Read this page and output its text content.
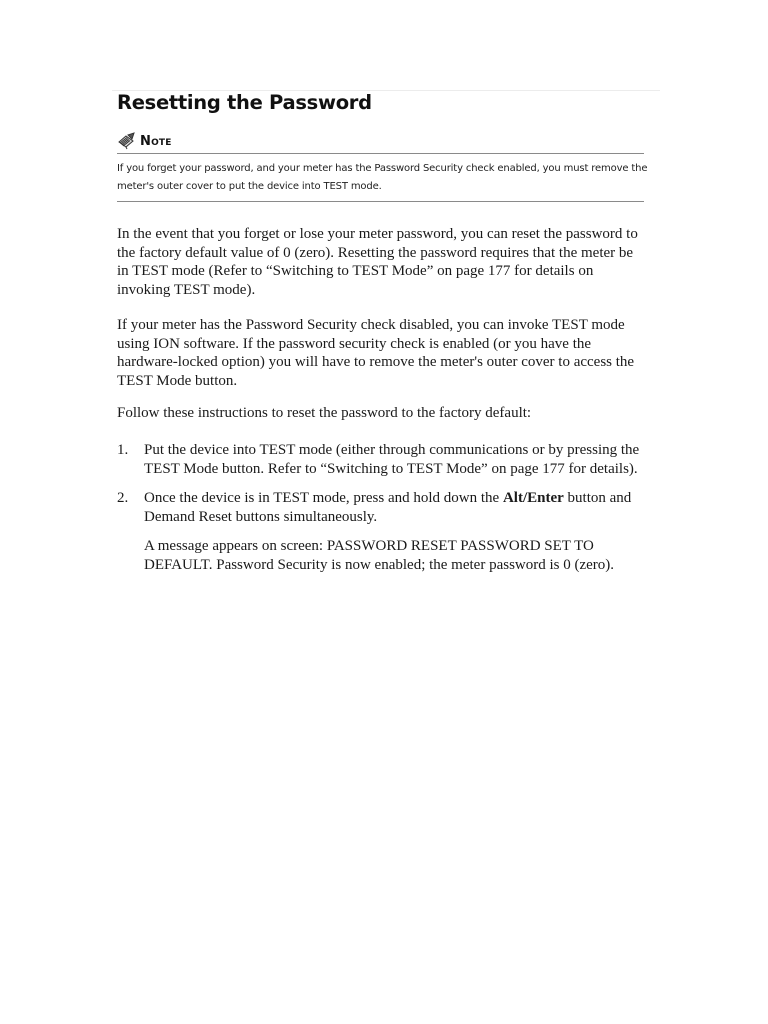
Resetting the Password
Note

If you forget your password, and your meter has the Password Security check enabled, you must remove the meter's outer cover to put the device into TEST mode.

In the event that you forget or lose your meter password, you can reset the password to the factory default value of 0 (zero). Resetting the password requires that the meter be in TEST mode (Refer to “Switching to TEST Mode” on page 177 for details on invoking TEST mode).

If your meter has the Password Security check disabled, you can invoke TEST mode using ION software. If the password security check is enabled (or you have the hardware-locked option) you will have to remove the meter's outer cover to access the TEST Mode button.

Follow these instructions to reset the password to the factory default:

1. Put the device into TEST mode (either through communications or by pressing the TEST Mode button. Refer to “Switching to TEST Mode” on page 177 for details).
2. Once the device is in TEST mode, press and hold down the Alt/Enter button and Demand Reset buttons simultaneously.

A message appears on screen: PASSWORD RESET PASSWORD SET TO DEFAULT. Password Security is now enabled; the meter password is 0 (zero).
